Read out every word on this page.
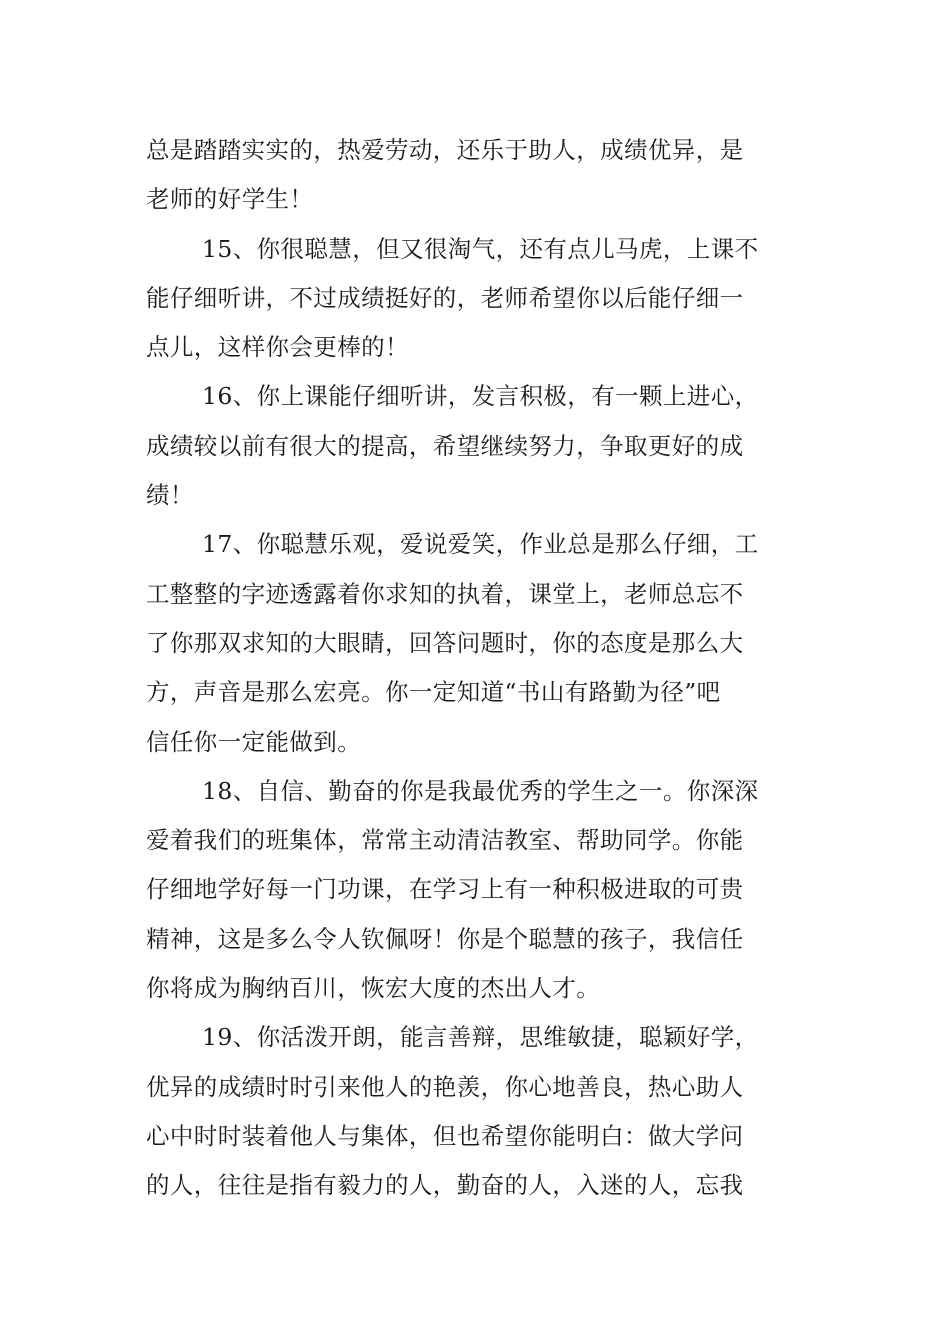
总是踏踏实实的，热爱劳动，还乐于助人，成绩优异，是
老师的好学生！
15、你很聪慧，但又很淘气，还有点儿马虎，上课不
能仔细听讲，不过成绩挺好的，老师希望你以后能仔细一
点儿，这样你会更棒的！
16、你上课能仔细听讲，发言积极，有一颗上进心，
成绩较以前有很大的提高，希望继续努力，争取更好的成
绩！
17、你聪慧乐观，爱说爱笑，作业总是那么仔细，工
工整整的字迹透露着你求知的执着，课堂上，老师总忘不
了你那双求知的大眼睛，回答问题时，你的态度是那么大
方，声音是那么宏亮。你一定知道“书山有路勤为径”吧
信任你一定能做到。
18、自信、勤奋的你是我最优秀的学生之一。你深深
爱着我们的班集体，常常主动清洁教室、帮助同学。你能
仔细地学好每一门功课，在学习上有一种积极进取的可贵
精神，这是多么令人钦佩呀！你是个聪慧的孩子，我信任
你将成为胸纳百川，恢宏大度的杰出人才。
19、你活泼开朗，能言善辩，思维敏捷，聪颖好学，
优异的成绩时时引来他人的艳羡，你心地善良，热心助人
心中时时装着他人与集体，但也希望你能明白：做大学问
的人，往往是指有毅力的人，勤奋的人，入迷的人，忘我
